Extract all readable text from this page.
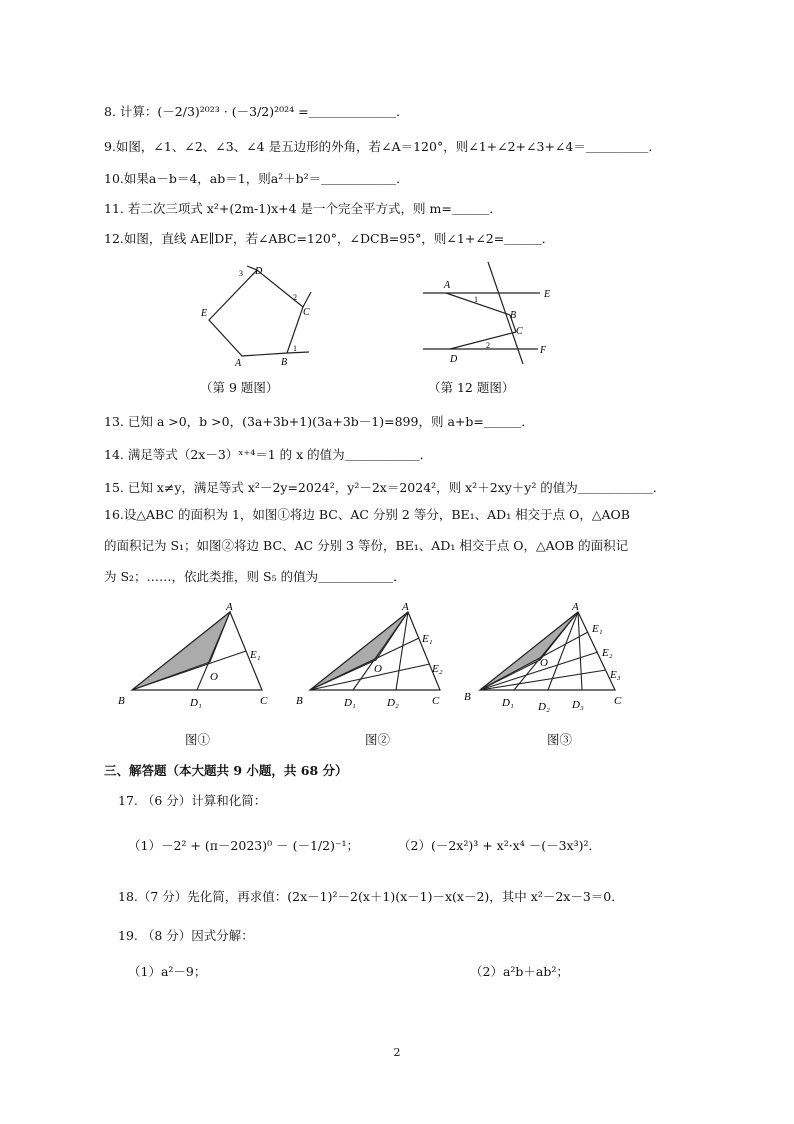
8. 计算：(－2/3)²⁰²³ · (－3/2)²⁰²⁴ =＿＿＿＿＿＿＿．
9.如图，∠1、∠2、∠3、∠4 是五边形的外角，若∠A＝120°，则∠1+∠2+∠3+∠4＝＿＿＿＿＿．
10.如果a－b＝4，ab＝1，则a²＋b²＝＿＿＿＿＿＿．
11. 若二次三项式 x²+(2m-1)x+4 是一个完全平方式，则 m=＿＿＿．
12.如图，直线 AE∥DF，若∠ABC=120°，∠DCB=95°，则∠1+∠2=＿＿＿．
A	B
C
D
E
1
2
3
（第 9 题图）
A
E
B
C
D
F
1
2
（第 12 题图）
13. 已知 a >0，b >0，(3a+3b+1)(3a+3b－1)=899，则 a+b=＿＿＿．
14. 满足等式（2x－3）ˣ⁺⁴＝1 的 x 的值为＿＿＿＿＿＿．
15. 已知 x≠y，满足等式 x²－2y=2024²，y²－2x＝2024²，则 x²＋2xy＋y² 的值为＿＿＿＿＿＿．
16.设△ABC 的面积为 1，如图①将边 BC、AC 分别 2 等分，BE₁、AD₁ 相交于点 O，△AOB
的面积记为 S₁；如图②将边 BC、AC 分别 3 等份，BE₁、AD₁ 相交于点 O，△AOB 的面积记
为 S₂；……，依此类推，则 S₅ 的值为＿＿＿＿＿＿．
A
B	C
O
D₁
E₁
A
B	C
O
D₁	D₂
E₁
E₂
A
B	C
O
D₁ D₂ D₃
E₁
E₂
E₃
图①	图②	图③
三、解答题（本大题共 9 小题，共 68 分）
17. （6 分）计算和化简：
（1）－2² + (π－2023)⁰ － (－1/2)⁻¹；	（2）(－2x²)³ + x²·x⁴ －(－3x³)²．
18.（7 分）先化简，再求值：(2x－1)²－2(x＋1)(x－1)－x(x－2)，其中 x²－2x－3＝0．
19. （8 分）因式分解：
（1）a²－9；	（2）a²b＋ab²；
2
